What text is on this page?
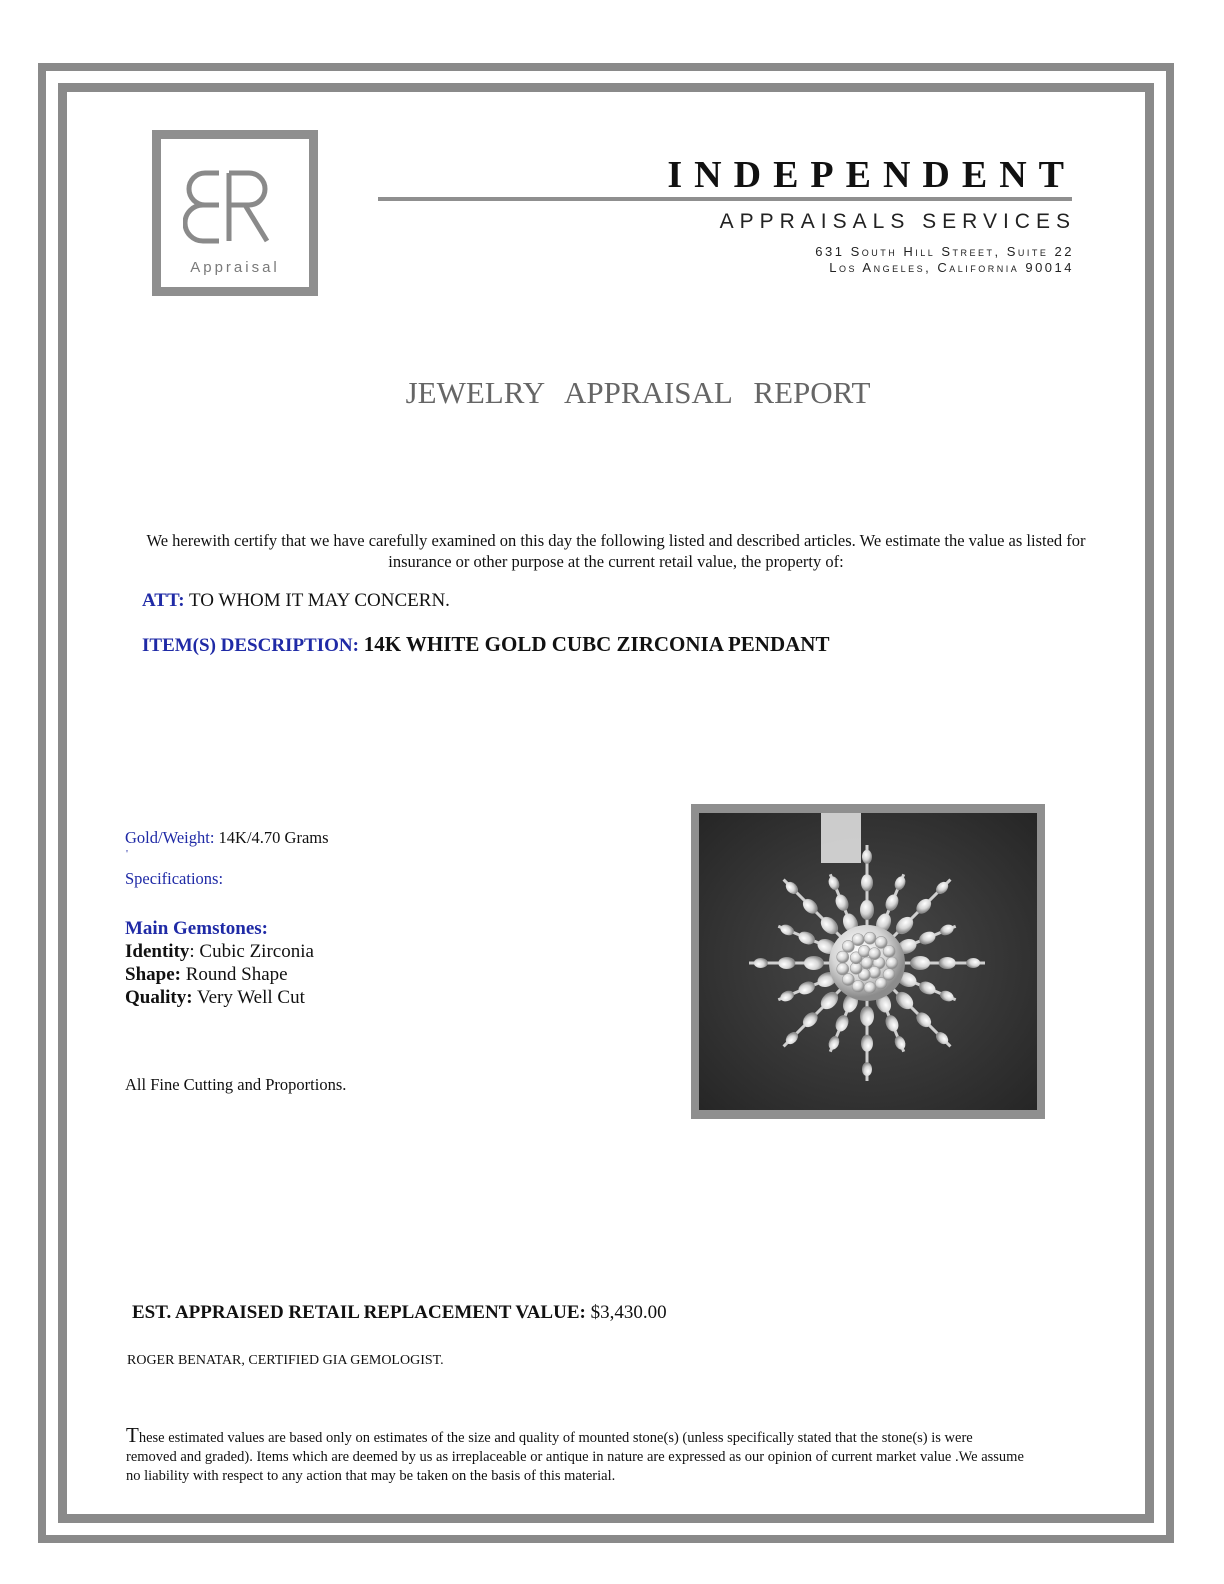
Appraisal
INDEPENDENT
APPRAISALS SERVICES
631 South Hill Street, Suite 22
Los Angeles, California 90014
JEWELRY APPRAISAL REPORT
We herewith certify that we have carefully examined on this day the following listed and described articles. We estimate the value as listed for insurance or other purpose at the current retail value, the property of:
ATT: TO WHOM IT MAY CONCERN.
ITEM(S) DESCRIPTION: 14K WHITE GOLD CUBC ZIRCONIA PENDANT
Gold/Weight: 14K/4.70 Grams
'
Specifications:
Main Gemstones:
Identity: Cubic Zirconia
Shape: Round Shape
Quality: Very Well Cut
All Fine Cutting and Proportions.
EST. APPRAISED RETAIL REPLACEMENT VALUE: $3,430.00
ROGER BENATAR, CERTIFIED GIA GEMOLOGIST.
These estimated values are based only on estimates of the size and quality of mounted stone(s) (unless specifically stated that the stone(s) is were removed and graded). Items which are deemed by us as irreplaceable or antique in nature are expressed as our opinion of current market value .We assume no liability with respect to any action that may be taken on the basis of this material.
